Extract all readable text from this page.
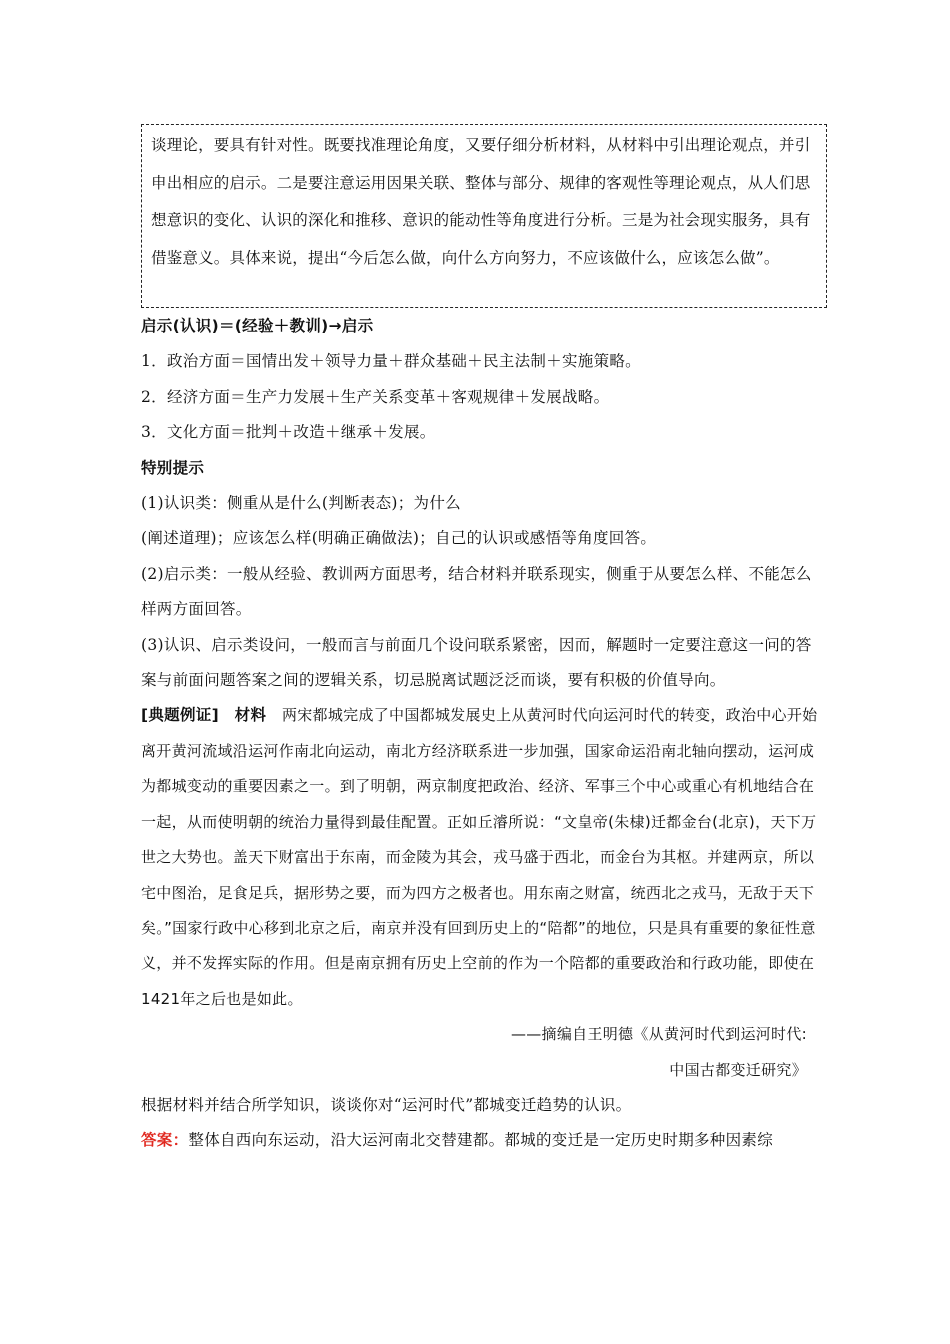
谈理论，要具有针对性。既要找准理论角度，又要仔细分析材料，从材料中引出理论观点，并引申出相应的启示。二是要注意运用因果关联、整体与部分、规律的客观性等理论观点，从人们思想意识的变化、认识的深化和推移、意识的能动性等角度进行分析。三是为社会现实服务，具有借鉴意义。具体来说，提出“今后怎么做，向什么方向努力，不应该做什么，应该怎么做”。

启示(认识)＝(经验＋教训)→启示

1．政治方面＝国情出发＋领导力量＋群众基础＋民主法制＋实施策略。

2．经济方面＝生产力发展＋生产关系变革＋客观规律＋发展战略。

3．文化方面＝批判＋改造＋继承＋发展。

特别提示

(1)认识类：侧重从是什么(判断表态)；为什么

(阐述道理)；应该怎么样(明确正确做法)；自己的认识或感悟等角度回答。

(2)启示类：一般从经验、教训两方面思考，结合材料并联系现实，侧重于从要怎么样、不能怎么样两方面回答。

(3)认识、启示类设问，一般而言与前面几个设问联系紧密，因而，解题时一定要注意这一问的答案与前面问题答案之间的逻辑关系，切忌脱离试题泛泛而谈，要有积极的价值导向。

[典题例证] 材料 两宋都城完成了中国都城发展史上从黄河时代向运河时代的转变，政治中心开始离开黄河流域沿运河作南北向运动，南北方经济联系进一步加强，国家命运沿南北轴向摆动，运河成为都城变动的重要因素之一。到了明朝，两京制度把政治、经济、军事三个中心或重心有机地结合在一起，从而使明朝的统治力量得到最佳配置。正如丘濬所说：“文皇帝(朱棣)迁都金台(北京)，天下万世之大势也。盖天下财富出于东南，而金陵为其会，戎马盛于西北，而金台为其枢。并建两京，所以宅中图治，足食足兵，据形势之要，而为四方之极者也。用东南之财富，统西北之戎马，无敌于天下矣。”国家行政中心移到北京之后，南京并没有回到历史上的“陪都”的地位，只是具有重要的象征性意义，并不发挥实际的作用。但是南京拥有历史上空前的作为一个陪都的重要政治和行政功能，即使在1421年之后也是如此。

——摘编自王明德《从黄河时代到运河时代:

中国古都变迁研究》

根据材料并结合所学知识，谈谈你对“运河时代”都城变迁趋势的认识。

答案：整体自西向东运动，沿大运河南北交替建都。都城的变迁是一定历史时期多种因素综
